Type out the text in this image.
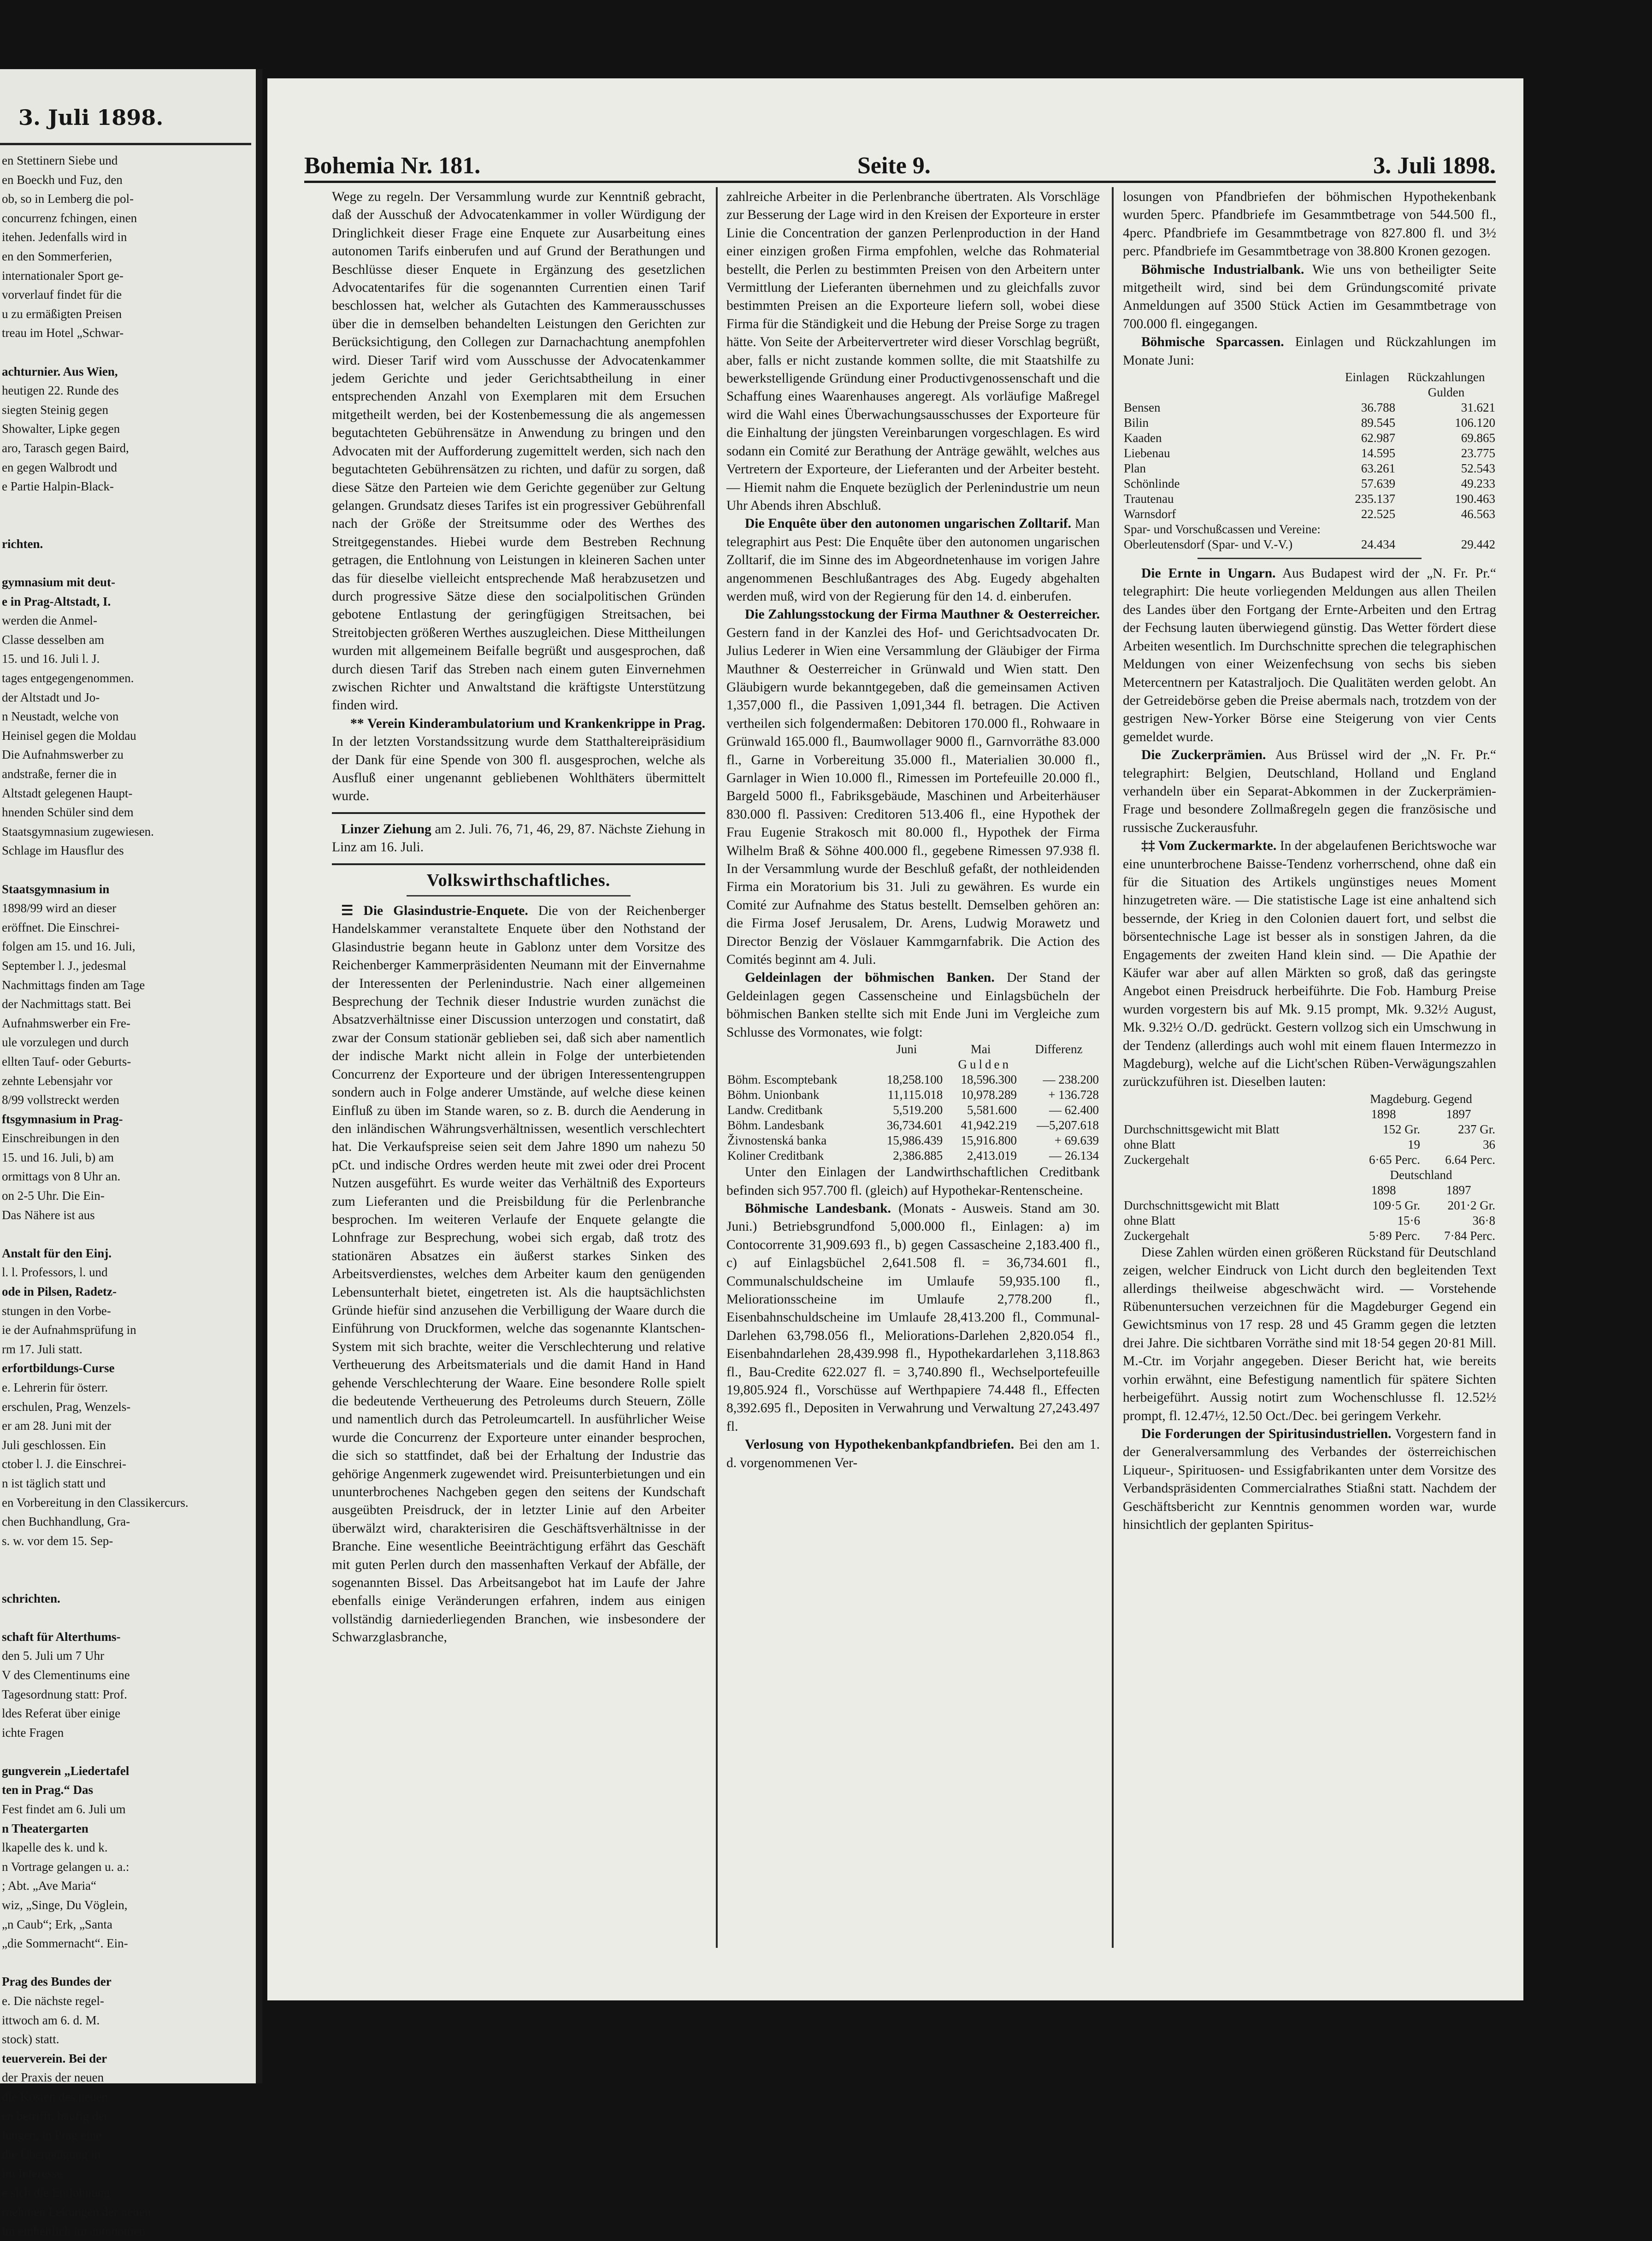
3. Juli 1898.
en Stettinern Siebe und
en Boeckh und Fuz, den
ob, so in Lemberg die pol-
concurrenz fchingen, einen
itehen. Jedenfalls wird in
en den Sommerferien,
internationaler Sport ge-
vorverlauf findet für die
u zu ermäßigten Preisen
treau im Hotel „Schwar-

achturnier. Aus Wien,
heutigen 22. Runde des
siegten Steinig gegen
Showalter, Lipke gegen
aro, Tarasch gegen Baird,
en gegen Walbrodt und
e Partie Halpin-Black-

richten.

gymnasium mit deut-
e in Prag-Altstadt, I.
werden die Anmel-
Classe desselben am
15. und 16. Juli l. J.
tages entgegengenommen.
der Altstadt und Jo-
n Neustadt, welche von
Heinisel gegen die Moldau
Die Aufnahmswerber zu
andstraße, ferner die in
Altstadt gelegenen Haupt-
hnenden Schüler sind dem
Staatsgymnasium zugewiesen.
Schlage im Hausflur des

Staatsgymnasium in
1898/99 wird an dieser
eröffnet. Die Einschrei-
folgen am 15. und 16. Juli,
September l. J., jedesmal
Nachmittags finden am Tage
der Nachmittags statt. Bei
Aufnahmswerber ein Fre-
ule vorzulegen und durch
ellten Tauf- oder Geburts-
zehnte Lebensjahr vor
8/99 vollstreckt werden
ftsgymnasium in Prag-
Einschreibungen in den
15. und 16. Juli, b) am
ormittags von 8 Uhr an.
on 2-5 Uhr. Die Ein-
Das Nähere ist aus

Anstalt für den Einj.
l. l. Professors, l. und
ode in Pilsen, Radetz-
stungen in den Vorbe-
ie der Aufnahmsprüfung in
rm 17. Juli statt.
erfortbildungs-Curse
e. Lehrerin für österr.
erschulen, Prag, Wenzels-
er am 28. Juni mit der
Juli geschlossen. Ein
ctober l. J. die Einschrei-
n ist täglich statt und
en Vorbereitung in den Classikercurs.
chen Buchhandlung, Gra-
s. w. vor dem 15. Sep-

schrichten.

schaft für Alterthums-
den 5. Juli um 7 Uhr
V des Clementinums eine
Tagesordnung statt: Prof.
ldes Referat über einige
ichte Fragen

gungverein „Liedertafel
ten in Prag.“ Das
Fest findet am 6. Juli um
n Theatergarten
lkapelle des k. und k.
n Vortrage gelangen u. a.:
; Abt. „Ave Maria“
wiz, „Singe, Du Vöglein,
„n Caub“; Erk, „Santa
„die Sommernacht“. Ein-

Prag des Bundes der
e. Die nächste regel-
ittwoch am 6. d. M.
stock) statt.
teuerverein. Bei der
der Praxis der neuen
die Kosten des neuen
en betrifft, häufig der
lungen, in Prag eine
die Übergeugung in
im Interesse
e sich die Entlohnung
rnehmen Leitungen der neuen
im einheitlich im autonomen
Bohemia Nr. 181.	Seite 9.	3. Juli 1898.

Wege zu regeln. Der Versammlung wurde zur Kenntniß gebracht, daß der Ausschuß der Advocatenkammer in voller Würdigung der Dringlichkeit dieser Frage eine Enquete zur Ausarbeitung eines autonomen Tarifs einberufen und auf Grund der Berathungen und Beschlüsse dieser Enquete in Ergänzung des gesetzlichen Advocatentarifes für die sogenannten Currentien einen Tarif beschlossen hat, welcher als Gutachten des Kammerausschusses über die in demselben behandelten Leistungen den Gerichten zur Berücksichtigung, den Collegen zur Darnachachtung anempfohlen wird. Dieser Tarif wird vom Ausschusse der Advocatenkammer jedem Gerichte und jeder Gerichtsabtheilung in einer entsprechenden Anzahl von Exemplaren mit dem Ersuchen mitgetheilt werden, bei der Kostenbemessung die als angemessen begutachteten Gebührensätze in Anwendung zu bringen und den Advocaten mit der Aufforderung zugemittelt werden, sich nach den begutachteten Gebührensätzen zu richten, und dafür zu sorgen, daß diese Sätze den Parteien wie dem Gerichte gegenüber zur Geltung gelangen. Grundsatz dieses Tarifes ist ein progressiver Gebührenfall nach der Größe der Streitsumme oder des Werthes des Streitgegenstandes. Hiebei wurde dem Bestreben Rechnung getragen, die Entlohnung von Leistungen in kleineren Sachen unter das für dieselbe vielleicht entsprechende Maß herabzusetzen und durch progressive Sätze diese den socialpolitischen Gründen gebotene Entlastung der geringfügigen Streitsachen, bei Streitobjecten größeren Werthes auszugleichen. Diese Mittheilungen wurden mit allgemeinem Beifalle begrüßt und ausgesprochen, daß durch diesen Tarif das Streben nach einem guten Einvernehmen zwischen Richter und Anwaltstand die kräftigste Unterstützung finden wird.

** Verein Kinderambulatorium und Krankenkrippe in Prag. In der letzten Vorstandssitzung wurde dem Statthaltereipräsidium der Dank für eine Spende von 300 fl. ausgesprochen, welche als Ausfluß einer ungenannt gebliebenen Wohlthäters übermittelt wurde.

Linzer Ziehung am 2. Juli. 76, 71, 46, 29, 87. Nächste Ziehung in Linz am 16. Juli.

Volkswirthschaftliches.

☰ Die Glasindustrie-Enquete. Die von der Reichenberger Handelskammer veranstaltete Enquete über den Nothstand der Glasindustrie begann heute in Gablonz unter dem Vorsitze des Reichenberger Kammerpräsidenten Neumann mit der Einvernahme der Interessenten der Perlenindustrie. Nach einer allgemeinen Besprechung der Technik dieser Industrie wurden zunächst die Absatzverhältnisse einer Discussion unterzogen und constatirt, daß zwar der Consum stationär geblieben sei, daß sich aber namentlich der indische Markt nicht allein in Folge der unterbietenden Concurrenz der Exporteure und der übrigen Interessentengruppen sondern auch in Folge anderer Umstände, auf welche diese keinen Einfluß zu üben im Stande waren, so z. B. durch die Aenderung in den inländischen Währungsverhältnissen, wesentlich verschlechtert hat. Die Verkaufspreise seien seit dem Jahre 1890 um nahezu 50 pCt. und indische Ordres werden heute mit zwei oder drei Procent Nutzen ausgeführt. Es wurde weiter das Verhältniß des Exporteurs zum Lieferanten und die Preisbildung für die Perlenbranche besprochen. Im weiteren Verlaufe der Enquete gelangte die Lohnfrage zur Besprechung, wobei sich ergab, daß trotz des stationären Absatzes ein äußerst starkes Sinken des Arbeitsverdienstes, welches dem Arbeiter kaum den genügenden Lebensunterhalt bietet, eingetreten ist. Als die hauptsächlichsten Gründe hiefür sind anzusehen die Verbilligung der Waare durch die Einführung von Druckformen, welche das sogenannte Klantschen-System mit sich brachte, weiter die Verschlechterung und relative Vertheuerung des Arbeitsmaterials und die damit Hand in Hand gehende Verschlechterung der Waare. Eine besondere Rolle spielt die bedeutende Vertheuerung des Petroleums durch Steuern, Zölle und namentlich durch das Petroleumcartell. In ausführlicher Weise wurde die Concurrenz der Exporteure unter einander besprochen, die sich so stattfindet, daß bei der Erhaltung der Industrie das gehörige Angenmerk zugewendet wird. Preisunterbietungen und ein ununterbrochenes Nachgeben gegen den seitens der Kundschaft ausgeübten Preisdruck, der in letzter Linie auf den Arbeiter überwälzt wird, charakterisiren die Geschäftsverhältnisse in der Branche. Eine wesentliche Beeinträchtigung erfährt das Geschäft mit guten Perlen durch den massenhaften Verkauf der Abfälle, der sogenannten Bissel. Das Arbeitsangebot hat im Laufe der Jahre ebenfalls einige Veränderungen erfahren, indem aus einigen vollständig darniederliegenden Branchen, wie insbesondere der Schwarzglasbranche,

zahlreiche Arbeiter in die Perlenbranche übertraten. Als Vorschläge zur Besserung der Lage wird in den Kreisen der Exporteure in erster Linie die Concentration der ganzen Perlenproduction in der Hand einer einzigen großen Firma empfohlen, welche das Rohmaterial bestellt, die Perlen zu bestimmten Preisen von den Arbeitern unter Vermittlung der Lieferanten übernehmen und zu gleichfalls zuvor bestimmten Preisen an die Exporteure liefern soll, wobei diese Firma für die Ständigkeit und die Hebung der Preise Sorge zu tragen hätte. Von Seite der Arbeitervertreter wird dieser Vorschlag begrüßt, aber, falls er nicht zustande kommen sollte, die mit Staatshilfe zu bewerkstelligende Gründung einer Productivgenossenschaft und die Schaffung eines Waarenhauses angeregt. Als vorläufige Maßregel wird die Wahl eines Überwachungsausschusses der Exporteure für die Einhaltung der jüngsten Vereinbarungen vorgeschlagen. Es wird sodann ein Comité zur Berathung der Anträge gewählt, welches aus Vertretern der Exporteure, der Lieferanten und der Arbeiter besteht. — Hiemit nahm die Enquete bezüglich der Perlenindustrie um neun Uhr Abends ihren Abschluß.

Die Enquête über den autonomen ungarischen Zolltarif. Man telegraphirt aus Pest: Die Enquête über den autonomen ungarischen Zolltarif, die im Sinne des im Abgeordnetenhause im vorigen Jahre angenommenen Beschlußantrages des Abg. Eugedy abgehalten werden muß, wird von der Regierung für den 14. d. einberufen.

Die Zahlungsstockung der Firma Mauthner & Oesterreicher. Gestern fand in der Kanzlei des Hof- und Gerichtsadvocaten Dr. Julius Lederer in Wien eine Versammlung der Gläubiger der Firma Mauthner & Oesterreicher in Grünwald und Wien statt. Den Gläubigern wurde bekanntgegeben, daß die gemeinsamen Activen 1,357,000 fl., die Passiven 1,091,344 fl. betragen. Die Activen vertheilen sich folgendermaßen: Debitoren 170.000 fl., Rohwaare in Grünwald 165.000 fl., Baumwollager 9000 fl., Garnvorräthe 83.000 fl., Garne in Vorbereitung 35.000 fl., Materialien 30.000 fl., Garnlager in Wien 10.000 fl., Rimessen im Portefeuille 20.000 fl., Bargeld 5000 fl., Fabriksgebäude, Maschinen und Arbeiterhäuser 830.000 fl. Passiven: Creditoren 513.406 fl., eine Hypothek der Frau Eugenie Strakosch mit 80.000 fl., Hypothek der Firma Wilhelm Braß & Söhne 400.000 fl., gegebene Rimessen 97.938 fl. In der Versammlung wurde der Beschluß gefaßt, der nothleidenden Firma ein Moratorium bis 31. Juli zu gewähren. Es wurde ein Comité zur Aufnahme des Status bestellt. Demselben gehören an: die Firma Josef Jerusalem, Dr. Arens, Ludwig Morawetz und Director Benzig der Vöslauer Kammgarnfabrik. Die Action des Comités beginnt am 4. Juli.

Geldeinlagen der böhmischen Banken. Der Stand der Geldeinlagen gegen Cassenscheine und Einlagsbücheln der böhmischen Banken stellte sich mit Ende Juni im Vergleiche zum Schlusse des Vormonates, wie folgt:

	Juni	Mai	Differenz
	Gulden		
Böhm. Escomptebank	18,258.100	18,596.300	— 238.200
Böhm. Unionbank	11,115.018	10,978.289	+ 136.728
Landw. Creditbank	5,519.200	5,581.600	— 62.400
Böhm. Landesbank	36,734.601	41,942.219	—5,207.618
Živnostenská banka	15,986.439	15,916.800	+ 69.639
Koliner Creditbank	2,386.885	2,413.019	— 26.134

Unter den Einlagen der Landwirthschaftlichen Creditbank befinden sich 957.700 fl. (gleich) auf Hypothekar-Rentenscheine.

Böhmische Landesbank. (Monats - Ausweis. Stand am 30. Juni.) Betriebsgrundfond 5,000.000 fl., Einlagen: a) im Contocorrente 31,909.693 fl., b) gegen Cassascheine 2,183.400 fl., c) auf Einlagsbüchel 2,641.508 fl. = 36,734.601 fl., Communalschuldscheine im Umlaufe 59,935.100 fl., Meliorationsscheine im Umlaufe 2,778.200 fl., Eisenbahnschuldscheine im Umlaufe 28,413.200 fl., Communal-Darlehen 63,798.056 fl., Meliorations-Darlehen 2,820.054 fl., Eisenbahndarlehen 28,439.998 fl., Hypothekardarlehen 3,118.863 fl., Bau-Credite 622.027 fl. = 3,740.890 fl., Wechselportefeuille 19,805.924 fl., Vorschüsse auf Werthpapiere 74.448 fl., Effecten 8,392.695 fl., Depositen in Verwahrung und Verwaltung 27,243.497 fl.

Verlosung von Hypothekenbankpfandbriefen. Bei den am 1. d. vorgenommenen Ver-

losungen von Pfandbriefen der böhmischen Hypothekenbank wurden 5perc. Pfandbriefe im Gesammtbetrage von 544.500 fl., 4perc. Pfandbriefe im Gesammtbetrage von 827.800 fl. und 3½ perc. Pfandbriefe im Gesammtbetrage von 38.800 Kronen gezogen.

Böhmische Industrialbank. Wie uns von betheiligter Seite mitgetheilt wird, sind bei dem Gründungscomité private Anmeldungen auf 3500 Stück Actien im Gesammtbetrage von 700.000 fl. eingegangen.

Böhmische Sparcassen. Einlagen und Rückzahlungen im Monate Juni:

	Einlagen	Rückzahlungen
		Gulden
Bensen	36.788	31.621
Bilin	89.545	106.120
Kaaden	62.987	69.865
Liebenau	14.595	23.775
Plan	63.261	52.543
Schönlinde	57.639	49.233
Trautenau	235.137	190.463
Warnsdorf	22.525	46.563
Spar- und Vorschußcassen und Vereine:		
Oberleutensdorf (Spar- und V.-V.)	24.434	29.442

Die Ernte in Ungarn. Aus Budapest wird der „N. Fr. Pr.“ telegraphirt: Die heute vorliegenden Meldungen aus allen Theilen des Landes über den Fortgang der Ernte-Arbeiten und den Ertrag der Fechsung lauten überwiegend günstig. Das Wetter fördert diese Arbeiten wesentlich. Im Durchschnitte sprechen die telegraphischen Meldungen von einer Weizenfechsung von sechs bis sieben Metercentnern per Katastraljoch. Die Qualitäten werden gelobt. An der Getreidebörse geben die Preise abermals nach, trotzdem von der gestrigen New-Yorker Börse eine Steigerung von vier Cents gemeldet wurde.

Die Zuckerprämien. Aus Brüssel wird der „N. Fr. Pr.“ telegraphirt: Belgien, Deutschland, Holland und England verhandeln über ein Separat-Abkommen in der Zuckerprämien-Frage und besondere Zollmaßregeln gegen die französische und russische Zuckerausfuhr.

‡‡ Vom Zuckermarkte. In der abgelaufenen Berichtswoche war eine ununterbrochene Baisse-Tendenz vorherrschend, ohne daß ein für die Situation des Artikels ungünstiges neues Moment hinzugetreten wäre. — Die statistische Lage ist eine anhaltend sich bessernde, der Krieg in den Colonien dauert fort, und selbst die börsentechnische Lage ist besser als in sonstigen Jahren, da die Engagements der zweiten Hand klein sind. — Die Apathie der Käufer war aber auf allen Märkten so groß, daß das geringste Angebot einen Preisdruck herbeiführte. Die Fob. Hamburg Preise wurden vorgestern bis auf Mk. 9.15 prompt, Mk. 9.32½ August, Mk. 9.32½ O./D. gedrückt. Gestern vollzog sich ein Umschwung in der Tendenz (allerdings auch wohl mit einem flauen Intermezzo in Magdeburg), welche auf die Licht'schen Rüben-Verwägungszahlen zurückzuführen ist. Dieselben lauten:

	Magdeburg. Gegend	
	1898	1897
Durchschnittsgewicht mit Blatt	152 Gr.	237 Gr.
ohne Blatt	19	36
Zuckergehalt	6·65 Perc.	6.64 Perc.
	Deutschland	
	1898	1897
Durchschnittsgewicht mit Blatt	109·5 Gr.	201·2 Gr.
ohne Blatt	15·6	36·8
Zuckergehalt	5·89 Perc.	7·84 Perc.

Diese Zahlen würden einen größeren Rückstand für Deutschland zeigen, welcher Eindruck von Licht durch den begleitenden Text allerdings theilweise abgeschwächt wird. — Vorstehende Rübenuntersuchen verzeichnen für die Magdeburger Gegend ein Gewichtsminus von 17 resp. 28 und 45 Gramm gegen die letzten drei Jahre. Die sichtbaren Vorräthe sind mit 18·54 gegen 20·81 Mill. M.-Ctr. im Vorjahr angegeben. Dieser Bericht hat, wie bereits vorhin erwähnt, eine Befestigung namentlich für spätere Sichten herbeigeführt. Aussig notirt zum Wochenschlusse fl. 12.52½ prompt, fl. 12.47½, 12.50 Oct./Dec. bei geringem Verkehr.

Die Forderungen der Spiritusindustriellen. Vorgestern fand in der Generalversammlung des Verbandes der österreichischen Liqueur-, Spirituosen- und Essigfabrikanten unter dem Vorsitze des Verbandspräsidenten Commercialrathes Stiaßni statt. Nachdem der Geschäftsbericht zur Kenntnis genommen worden war, wurde hinsichtlich der geplanten Spiritus-
